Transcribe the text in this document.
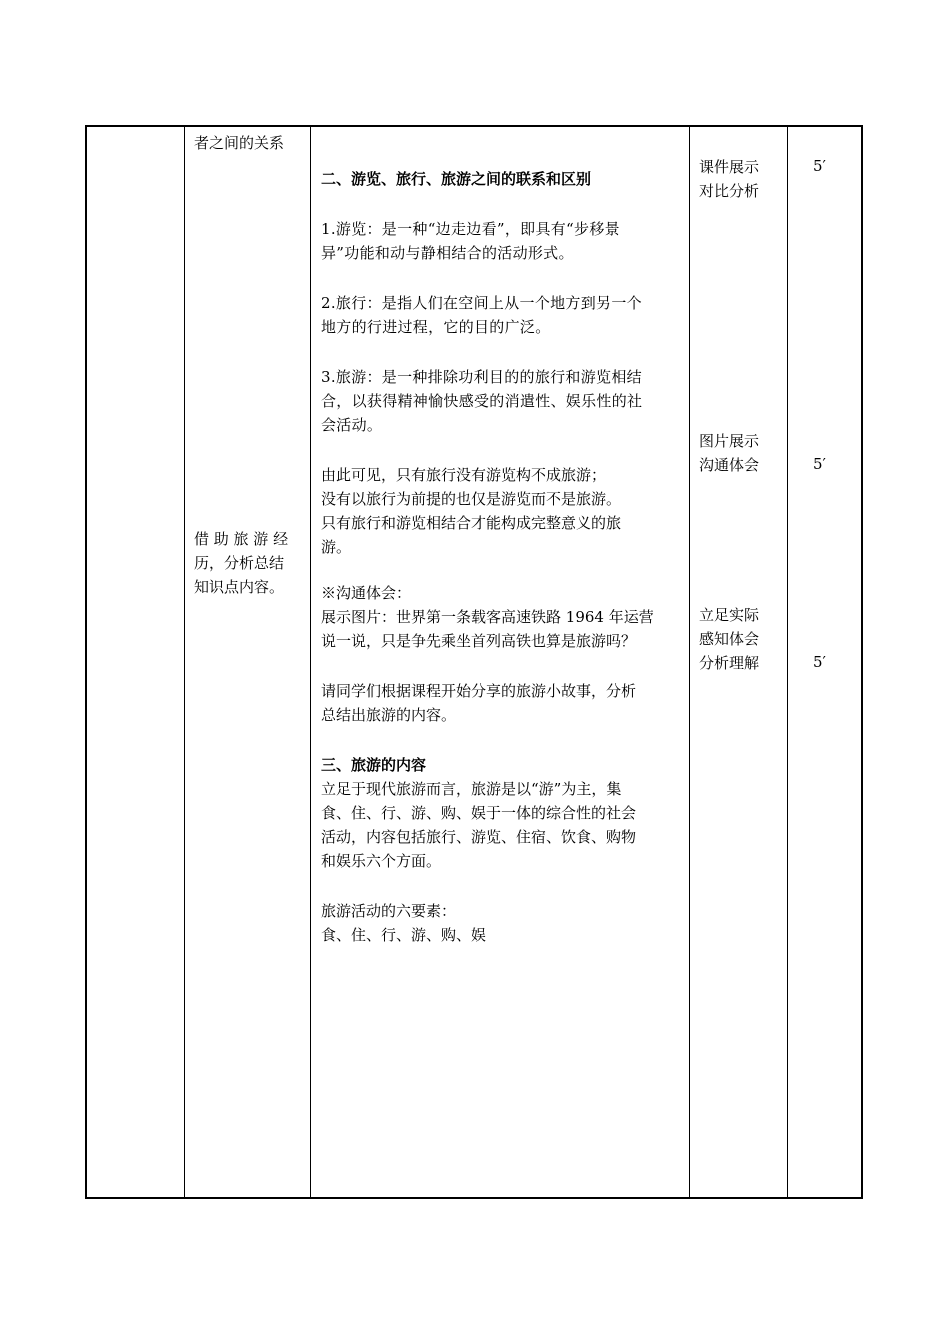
者之间的关系
借 助 旅 游 经
历，分析总结
知识点内容。

二、游览、旅行、旅游之间的联系和区别

1.游览：是一种“边走边看”，即具有“步移景

异”功能和动与静相结合的活动形式。

2.旅行：是指人们在空间上从一个地方到另一个

地方的行进过程，它的目的广泛。

3.旅游：是一种排除功利目的的旅行和游览相结

合，以获得精神愉快感受的消遣性、娱乐性的社

会活动。

由此可见，只有旅行没有游览构不成旅游；

没有以旅行为前提的也仅是游览而不是旅游。

只有旅行和游览相结合才能构成完整意义的旅

游。

※沟通体会：

展示图片：世界第一条载客高速铁路 1964 年运营

说一说，只是争先乘坐首列高铁也算是旅游吗？

请同学们根据课程开始分享的旅游小故事，分析

总结出旅游的内容。

三、旅游的内容

立足于现代旅游而言，旅游是以“游”为主，集

食、住、行、游、购、娱于一体的综合性的社会

活动，内容包括旅行、游览、住宿、饮食、购物

和娱乐六个方面。

旅游活动的六要素：

食、住、行、游、购、娱

课件展示
对比分析
图片展示
沟通体会
立足实际
感知体会
分析理解
5′
5′
5′
